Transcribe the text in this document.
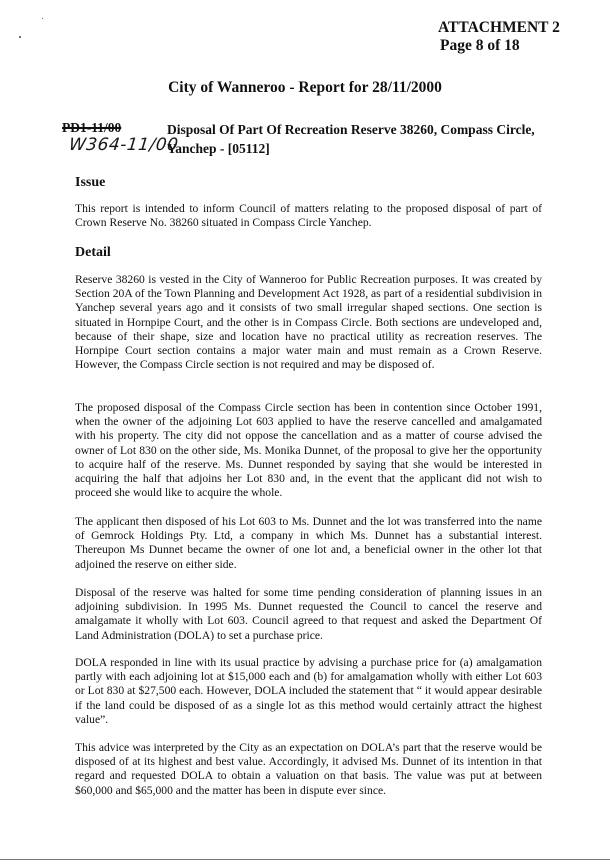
ATTACHMENT 2
Page 8 of 18
City of Wanneroo - Report for 28/11/2000
PD1-11/00
W364-11/00
Disposal Of Part Of Recreation Reserve 38260, Compass Circle, Yanchep - [05112]
Issue
This report is intended to inform Council of matters relating to the proposed disposal of part of Crown Reserve No. 38260 situated in Compass Circle Yanchep.
Detail
Reserve 38260 is vested in the City of Wanneroo for Public Recreation purposes. It was created by Section 20A of the Town Planning and Development Act 1928, as part of a residential subdivision in Yanchep several years ago and it consists of two small irregular shaped sections. One section is situated in Hornpipe Court, and the other is in Compass Circle. Both sections are undeveloped and, because of their shape, size and location have no practical utility as recreation reserves. The Hornpipe Court section contains a major water main and must remain as a Crown Reserve. However, the Compass Circle section is not required and may be disposed of.
The proposed disposal of the Compass Circle section has been in contention since October 1991, when the owner of the adjoining Lot 603 applied to have the reserve cancelled and amalgamated with his property. The city did not oppose the cancellation and as a matter of course advised the owner of Lot 830 on the other side, Ms. Monika Dunnet, of the proposal to give her the opportunity to acquire half of the reserve. Ms. Dunnet responded by saying that she would be interested in acquiring the half that adjoins her Lot 830 and, in the event that the applicant did not wish to proceed she would like to acquire the whole.
The applicant then disposed of his Lot 603 to Ms. Dunnet and the lot was transferred into the name of Gemrock Holdings Pty. Ltd, a company in which Ms. Dunnet has a substantial interest. Thereupon Ms Dunnet became the owner of one lot and, a beneficial owner in the other lot that adjoined the reserve on either side.
Disposal of the reserve was halted for some time pending consideration of planning issues in an adjoining subdivision. In 1995 Ms. Dunnet requested the Council to cancel the reserve and amalgamate it wholly with Lot 603. Council agreed to that request and asked the Department Of Land Administration (DOLA) to set a purchase price.
DOLA responded in line with its usual practice by advising a purchase price for (a) amalgamation partly with each adjoining lot at $15,000 each and (b) for amalgamation wholly with either Lot 603 or Lot 830 at $27,500 each. However, DOLA included the statement that “ it would appear desirable if the land could be disposed of as a single lot as this method would certainly attract the highest value”.
This advice was interpreted by the City as an expectation on DOLA’s part that the reserve would be disposed of at its highest and best value. Accordingly, it advised Ms. Dunnet of its intention in that regard and requested DOLA to obtain a valuation on that basis. The value was put at between $60,000 and $65,000 and the matter has been in dispute ever since.
